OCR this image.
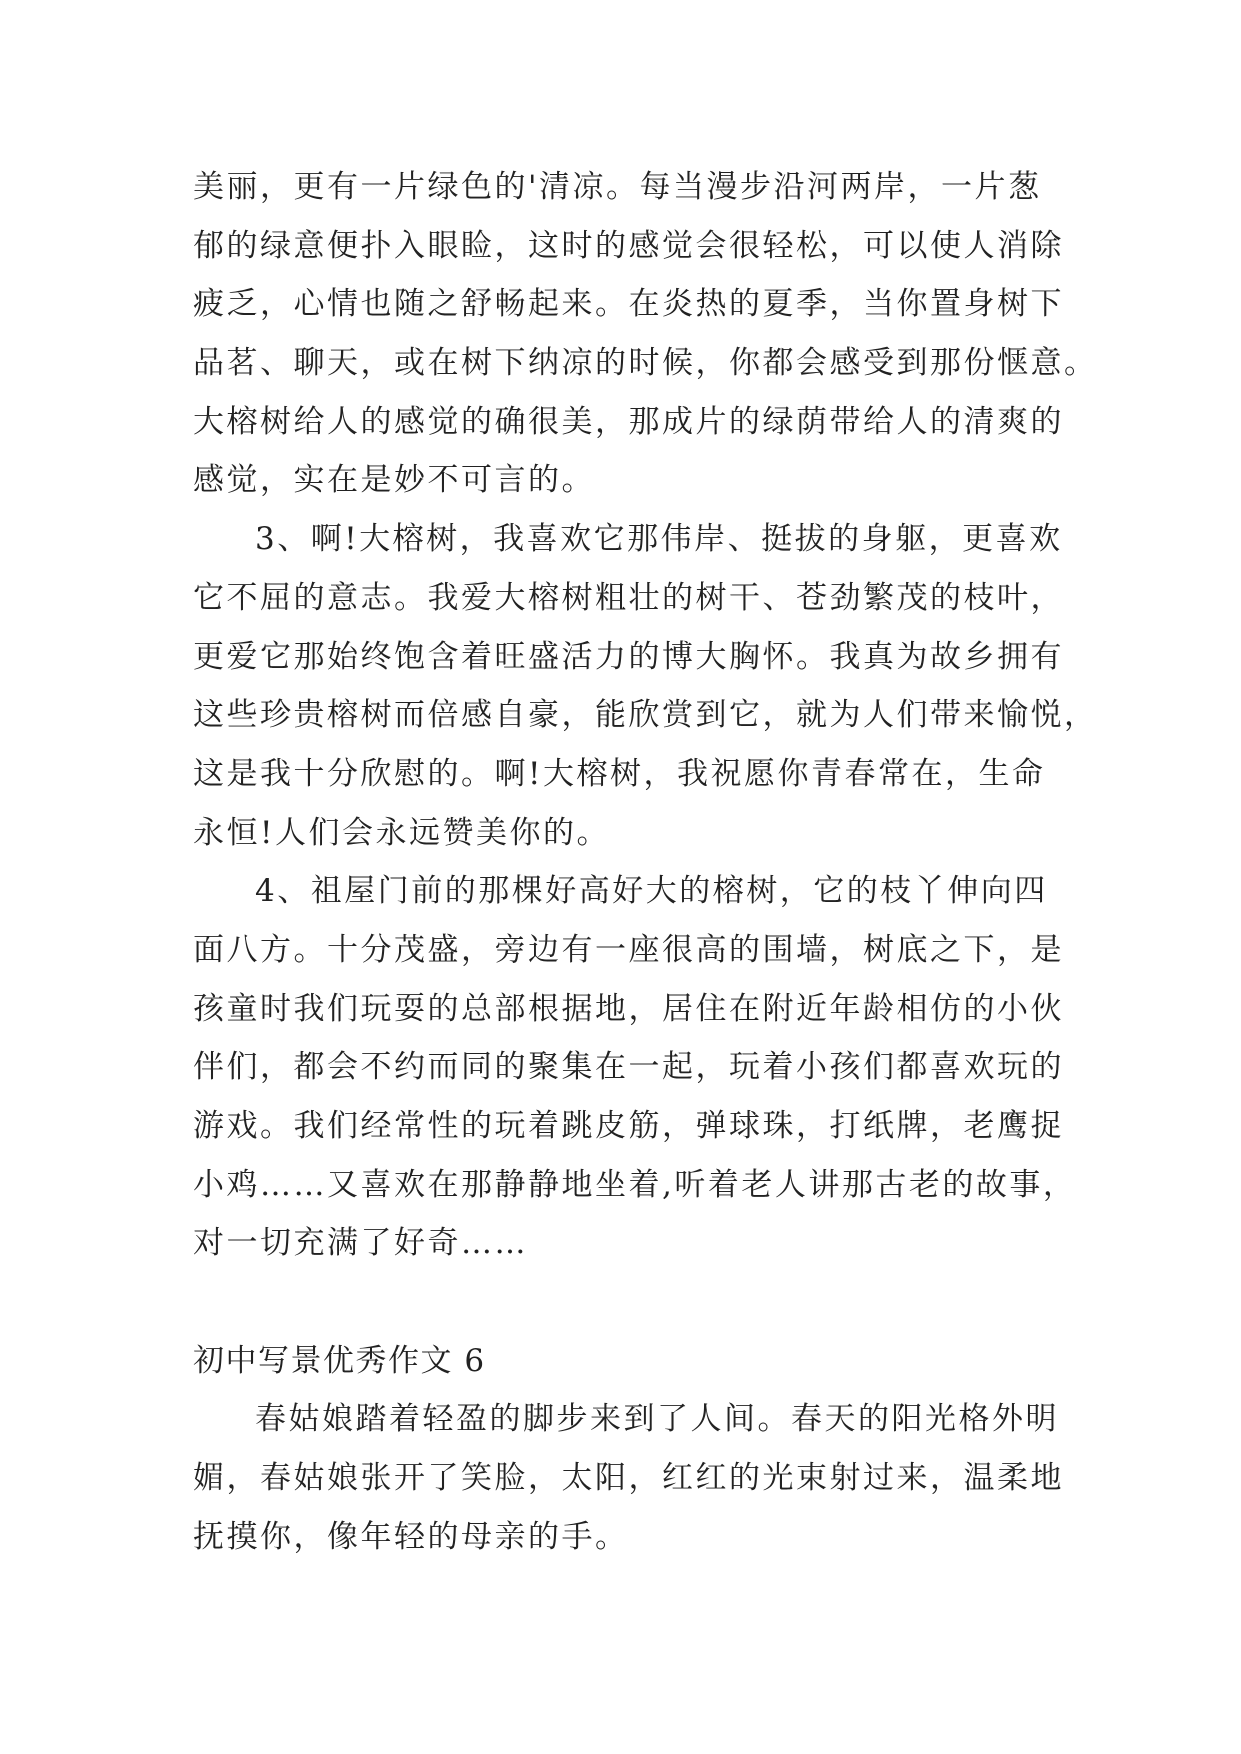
美丽，更有一片绿色的'清凉。每当漫步沿河两岸，一片葱
郁的绿意便扑入眼睑，这时的感觉会很轻松，可以使人消除
疲乏，心情也随之舒畅起来。在炎热的夏季，当你置身树下
品茗、聊天，或在树下纳凉的时候，你都会感受到那份惬意。
大榕树给人的感觉的确很美，那成片的绿荫带给人的清爽的
感觉，实在是妙不可言的。
3、啊!大榕树，我喜欢它那伟岸、挺拔的身躯，更喜欢
它不屈的意志。我爱大榕树粗壮的树干、苍劲繁茂的枝叶，
更爱它那始终饱含着旺盛活力的博大胸怀。我真为故乡拥有
这些珍贵榕树而倍感自豪，能欣赏到它，就为人们带来愉悦，
这是我十分欣慰的。啊!大榕树，我祝愿你青春常在，生命
永恒!人们会永远赞美你的。
4、祖屋门前的那棵好高好大的榕树，它的枝丫伸向四
面八方。十分茂盛，旁边有一座很高的围墙，树底之下，是
孩童时我们玩耍的总部根据地，居住在附近年龄相仿的小伙
伴们，都会不约而同的聚集在一起，玩着小孩们都喜欢玩的
游戏。我们经常性的玩着跳皮筋，弹球珠，打纸牌，老鹰捉
小鸡……又喜欢在那静静地坐着,听着老人讲那古老的故事，
对一切充满了好奇……
初中写景优秀作文 6
春姑娘踏着轻盈的脚步来到了人间。春天的阳光格外明
媚，春姑娘张开了笑脸，太阳，红红的光束射过来，温柔地
抚摸你，像年轻的母亲的手。
